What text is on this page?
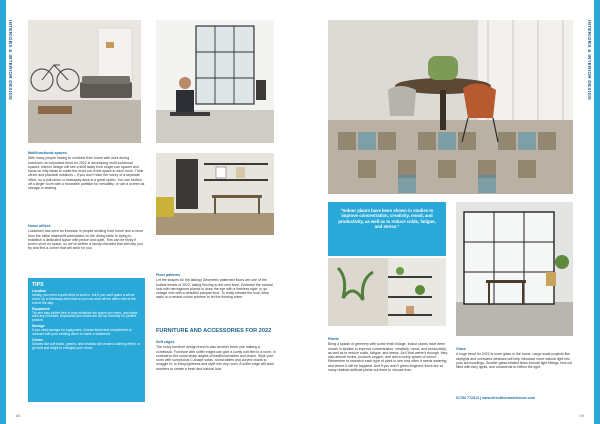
INTERIORS & INTERIOR DESIGN
Multifunctional spaces
With many people having to combine their home with work during lockdown, an important trend for 2022 is developing multi-functional spaces. Interior design will see a shift away from single-use spaces and focus on nifty ideas to make the most out of the space in each room. Think clever and practical solutions – if you don't have the luxury of a separate office, so a pull-down or stowaway desk is a great option. You can section off a larger room with a moveable partition for versatility, or use a screen as storage or seating.
Home offices
Lockdown has seen an increase in people working from home and a move from the initial makeshift workstation on the dining table to trying to establish a dedicated space with peace and quiet. This can be tricky if you're short on space, so we've written a handy checklist that will help you try and find a corner that will work for you.
TIPS

Location
Ideally, you need a quiet area to work in, but if you can't spare a whole room, try a hideaway desk that so you can shut off the office vibe at the end of the day.

Equipment
Try and stay clutter-free to help minimise the space you need, and make sure any monitors, keyboards and chairs are set up correctly for perfect posture.

Storage
If you need storage for equipment, choose items that complement or contrast with your existing décor to make a statement.

Colour
Shades like soft blues, greens, and neutrals will create a calming effect, or go bold and bright to energise your mood.

Floor patterns
Let the shapes do the talking! Geometric patterned floors are one of the hottest trends of 2022, taking flooring to the next level. Embrace the natural look with herringbone planks to draw the eye with a timeless style, or go vintage chic with a beautiful parquet floor. To really elevate the look, keep walls to a neutral colour scheme to let the flooring shine.
FURNITURE AND ACCESSORIES FOR 2022
Soft edges
The curvy furniture design trend is also another fresh one making a comeback. Furniture with softer edges can give a lovely soft feel to a room, in contrast to the usual sharp angles of traditional tables and chairs. Style your room with sumptuous C-shape sofas, round tables and curved chairs to snuggle in; to bring lightness and style into any room. A softer edge will work wonders to create a fresh and natural look.
68
INTERIORS & INTERIOR DESIGN
"Indoor plants have been shown in studies to improve concentration, creativity, mood, and productivity, as well as to reduce colds, fatigue, and stress."
Plants
Bring a splash of greenery with some fresh foliage. Indoor plants have been shown in studies to improve concentration, creativity, mood, and productivity, as well as to reduce colds, fatigue, and stress. As if that weren't enough, they also absorb toxins, produce oxygen, and add a lovely splash of colour. Remember to research each type of plant to see how often it needs watering and where it will be happiest. And if you aren't green-fingered, there are so many realistic artificial plants out there to choose from.
Glass
A huge trend for 2022 is more glass in the home. Large scale projects like skylights and oversized windows will help introduce more natural light into your surroundings. Smaller glass-related flows include light fittings, fold-out filled with fairy lights, and ornaments to reflect the light.
01793 772313 | www.directtheramichouse.com
69
